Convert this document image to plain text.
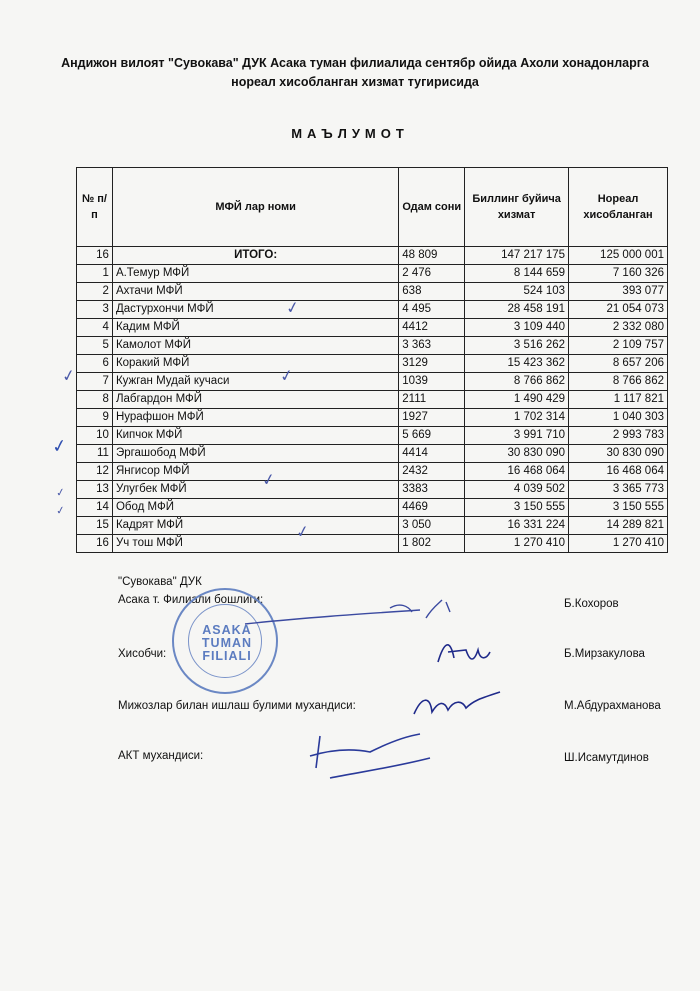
Андижон вилоят "Сувокава" ДУК Асака туман филиалида сентябр ойида Ахоли хонадонларга
нореал хисобланган хизмат тугирисида
МАЪЛУМОТ
№ п/п	МФЙ лар номи	Одам сони	Биллинг буйича хизмат	Нореал хисобланган
16	ИТОГО:	48 809	147 217 175	125 000 001
1	А.Темур МФЙ	2 476	8 144 659	7 160 326
2	Ахтачи МФЙ	638	524 103	393 077
3	Дастурхончи МФЙ	4 495	28 458 191	21 054 073
4	Кадим МФЙ	4412	3 109 440	2 332 080
5	Камолот МФЙ	3 363	3 516 262	2 109 757
6	Коракий МФЙ	3129	15 423 362	8 657 206
7	Кужган Мудай кучаси	1039	8 766 862	8 766 862
8	Лабгардон МФЙ	2111	1 490 429	1 117 821
9	Нурафшон МФЙ	1927	1 702 314	1 040 303
10	Кипчок МФЙ	5 669	3 991 710	2 993 783
11	Эргашобод МФЙ	4414	30 830 090	30 830 090
12	Янгисор МФЙ	2432	16 468 064	16 468 064
13	Улугбек МФЙ	3383	4 039 502	3 365 773
14	Обод МФЙ	4469	3 150 555	3 150 555
15	Кадрят МФЙ	3 050	16 331 224	14 289 821
16	Уч тош МФЙ	1 802	1 270 410	1 270 410
✓
✓
✓
✓
✓
✓
✓
✓
"Сувокава" ДУК
Асака т. Филиали бошлиги:	Б.Кохоров
Хисобчи:	Б.Мирзакулова
Мижозлар билан ишлаш булими мухандиси:	М.Абдурахманова
АКТ мухандиси:	Ш.Исамутдинов
ASAKA
TUMAN
FILIALI
